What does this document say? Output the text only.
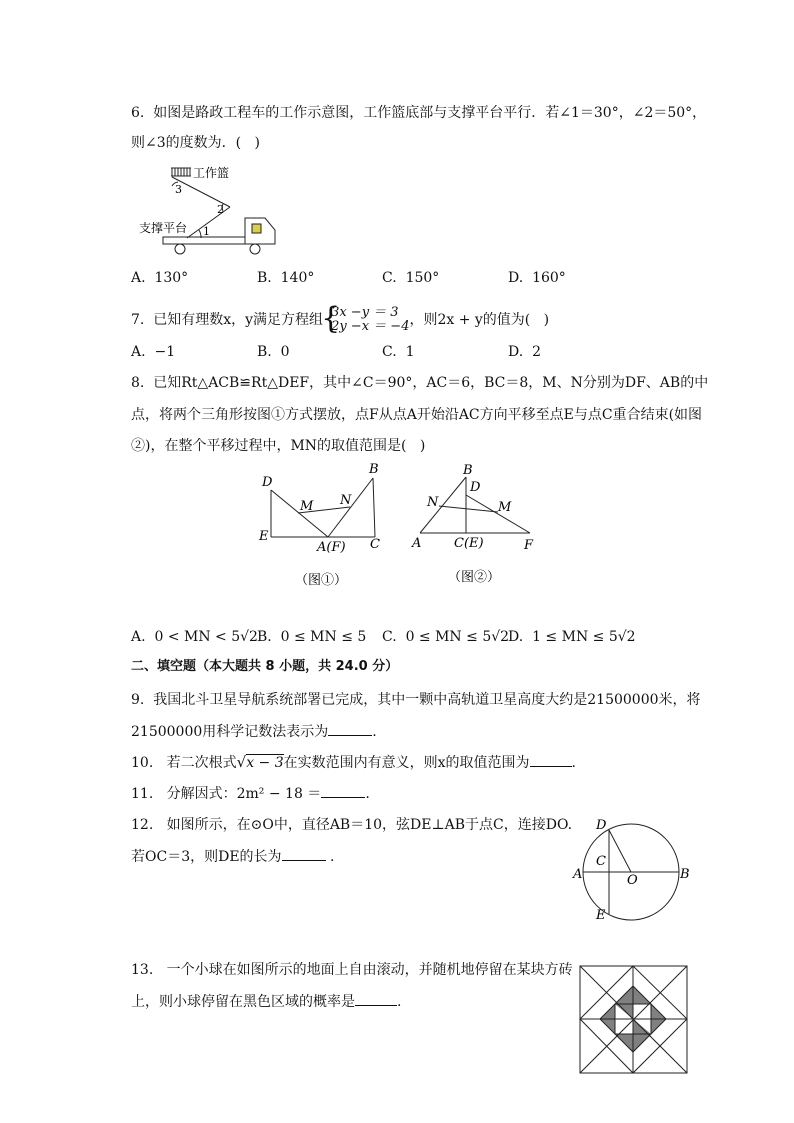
6.  如图是路政工程车的工作示意图，工作篮底部与支撑平台平行．若∠1＝30°，∠2＝50°，
则∠3的度数为．(   )
工作篮
支撑平台
3
2
1
A.  130°	B.  140°	C.  150°	D.  160°
7.  已知有理数x，y满足方程组{ 3x −y ＝ 3
2y −x ＝ −4，则2x + y的值为(   )
A.  −1	B.  0	C.  1	D.  2
8.  已知Rt△ACB≌Rt△DEF，其中∠C＝90°，AC＝6，BC＝8，M、N分别为DF、AB的中
点，将两个三角形按图①方式摆放，点F从点A开始沿AC方向平移至点E与点C重合结束(如图
②)，在整个平移过程中，MN的取值范围是(   )
D
M N
B
E
A(F) C
（图①）
B
D
N	M
A	C(E)	F
（图②）
A.  0 < MN < 5√2 B.  0 ≤ MN ≤ 5 C.  0 ≤ MN ≤ 5√2
D.  1 ≤ MN ≤ 5√2
二、填空题（本大题共 8 小题，共 24.0 分）
9.  我国北斗卫星导航系统部署已完成，其中一颗中高轨道卫星高度大约是21500000米，将
21500000用科学记数法表示为	.
10.   若二次根式√x − 3在实数范围内有意义，则x的取值范围为	.
11.   分解因式：2m² − 18 ＝	.
12.   如图所示，在⊙O中，直径AB＝10，弦DE⊥AB于点C，连接DO.
若OC＝3，则DE的长为	.
D
C
A	O	B
E
13.   一个小球在如图所示的地面上自由滚动，并随机地停留在某块方砖
上，则小球停留在黑色区域的概率是	.
